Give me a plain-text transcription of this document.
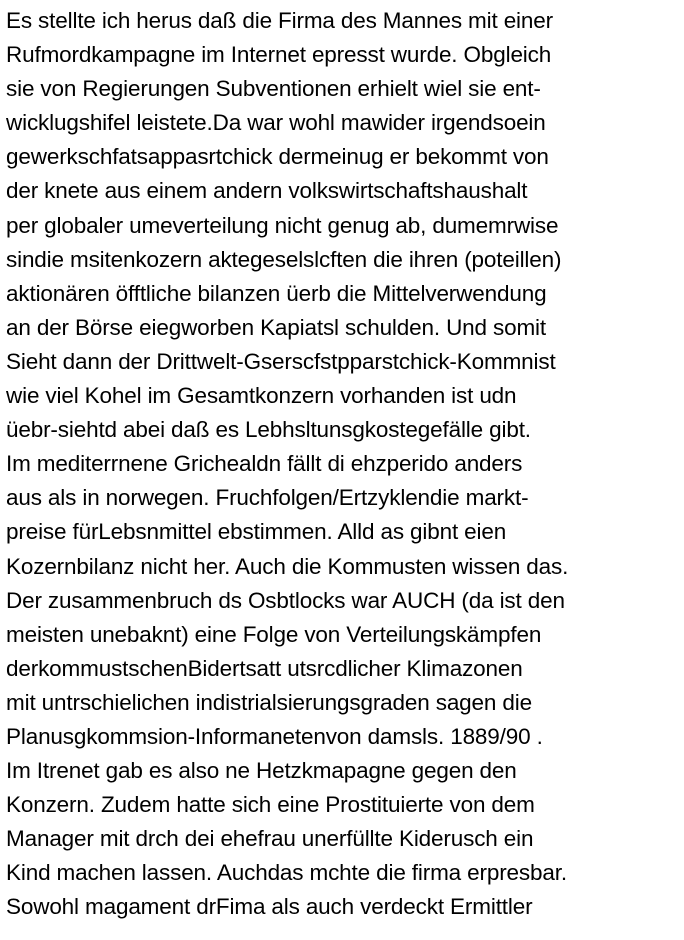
Es stellte ich herus daß die Firma des Mannes mit einer
Rufmordkampagne im Internet epresst wurde. Obgleich
sie von Regierungen Subventionen erhielt wiel sie ent-
wicklugshifel leistete.Da war wohl mawider irgendsoein
gewerkschfatsappasrtchick dermeinug er bekommt von
der knete aus einem andern volkswirtschaftshaushalt
per globaler umeverteilung nicht genug ab, dumemrwise
sindie msitenkozern aktegeselslcften die ihren (poteillen)
aktionären öfftliche bilanzen üerb die Mittelverwendung
an der Börse eiegworben Kapiatsl schulden. Und somit
Sieht dann der Drittwelt-Gserscfstpparstchick-Kommnist
wie viel Kohel im Gesamtkonzern vorhanden ist udn
üebr-siehtd abei daß es Lebhsltunsgkostegefälle gibt.
Im mediterrnene Grichealdn fällt di ehzperido anders
aus als in norwegen. Fruchfolgen/Ertzyklendie markt-
preise fürLebsnmittel ebstimmen. Alld as gibnt eien
Kozernbilanz nicht her. Auch die Kommusten wissen das.
Der zusammenbruch ds Osbtlocks war AUCH (da ist den
meisten unebaknt) eine Folge von Verteilungskämpfen
derkommustschenBidertsatt utsrcdlicher Klimazonen
mit untrschielichen indistrialsierungsgraden sagen die
Planusgkommsion-Informanetenvon damsls. 1889/90 .
Im Itrenet gab es also ne Hetzkmapagne gegen den
Konzern. Zudem hatte sich eine Prostituierte von dem
Manager mit drch dei ehefrau unerfüllte Kiderusch ein
Kind machen lassen. Auchdas mchte die firma erpresbar.
Sowohl magament drFima als auch verdeckt Ermittler
